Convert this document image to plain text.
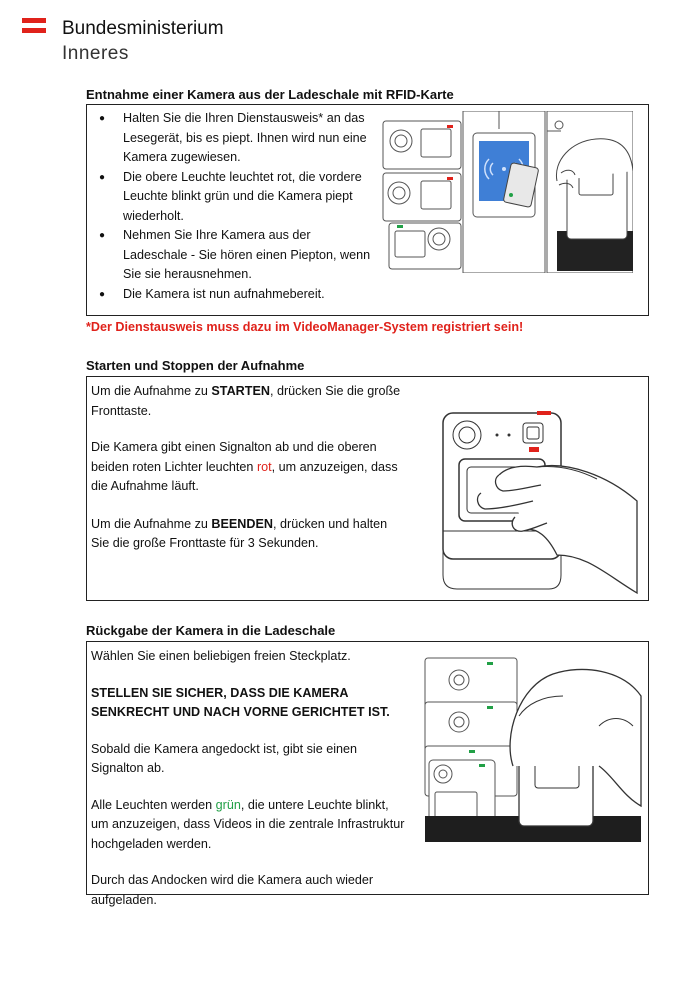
Bundesministerium
Inneres
Entnahme einer Kamera aus der Ladeschale mit RFID-Karte
● Halten Sie die Ihren Dienstausweis* an das Lesegerät, bis es piept. Ihnen wird nun eine Kamera zugewiesen.
● Die obere Leuchte leuchtet rot, die vordere Leuchte blinkt grün und die Kamera piept wiederholt.
● Nehmen Sie Ihre Kamera aus der Ladeschale - Sie hören einen Piepton, wenn Sie sie herausnehmen.
● Die Kamera ist nun aufnahmebereit.
*Der Dienstausweis muss dazu im VideoManager-System registriert sein!
Starten und Stoppen der Aufnahme
Um die Aufnahme zu STARTEN, drücken Sie die große Fronttaste.
Die Kamera gibt einen Signalton ab und die oberen beiden roten Lichter leuchten rot, um anzuzeigen, dass die Aufnahme läuft.
Um die Aufnahme zu BEENDEN, drücken und halten Sie die große Fronttaste für 3 Sekunden.
Rückgabe der Kamera in die Ladeschale
Wählen Sie einen beliebigen freien Steckplatz.
STELLEN SIE SICHER, DASS DIE KAMERA SENKRECHT UND NACH VORNE GERICHTET IST.
Sobald die Kamera angedockt ist, gibt sie einen Signalton ab.
Alle Leuchten werden grün, die untere Leuchte blinkt, um anzuzeigen, dass Videos in die zentrale Infrastruktur hochgeladen werden.
Durch das Andocken wird die Kamera auch wieder aufgeladen.
